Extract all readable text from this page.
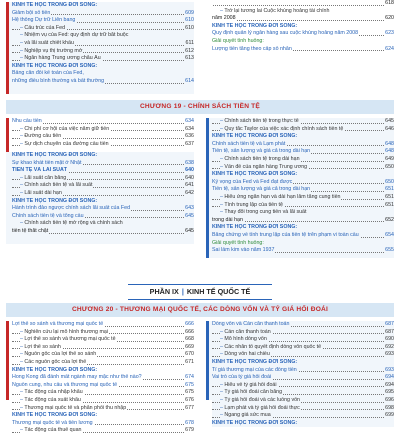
KINH TẾ HỌC TRONG ĐỜI SỐNG:
Giảm bội số tiền	609
Hệ thống Dự trữ Liên bang	610
– Cấu trúc của Fed	610
– Nhiệm vụ của Fed: quy định dự trữ bắt buộc
– và lãi suất chiết khấu	611
– Nghiệp vụ thị trường mở	612
– Ngân hàng Trung ương châu Âu	613
KINH TẾ HỌC TRONG ĐỜI SỐNG:
Bảng cân đối kế toán của Fed,
những điều bình thường và bất thường	614
618
– Trở lại tương lai Cuộc khủng hoảng tài chính
năm 2008	620
KINH TẾ HỌC TRONG ĐỜI SỐNG:
Quy định quản lý ngân hàng sau cuộc khủng hoảng năm 2008	623
Giải quyết tình huống:
Lượng tiền tăng theo cấp số nhân	624
CHƯƠNG 19 - CHÍNH SÁCH TIỀN TỆ
Nhu cầu tiền	634
– Chi phí cơ hội của việc nắm giữ tiền	634
– Đường cầu tiền	636
– Sự dịch chuyển của đường cầu tiền	637
KINH TẾ HỌC TRONG ĐỜI SỐNG:
Sự khao khát tiền mặt ở Nhật	638
TIỀN TỆ VÀ LÃI SUẤT	640
– Lãi suất cân bằng	640
– Chính sách tiền tệ và lãi suất	641
– Lãi suất dài hạn	642
KINH TẾ HỌC TRONG ĐỜI SỐNG:
Hành trình đảo ngược chính sách lãi suất của Fed	643
Chính sách tiền tệ và tổng cầu	645
– Chính sách tiền tệ mở rộng và chính sách
tiền tệ thắt chặt	645
– Chính sách tiền tệ trong thực tế	645
– Quy tắc Taylor của việc xác định chính sách tiền tệ	646
KINH TẾ HỌC TRONG ĐỜI SỐNG:
Chính sách tiền tệ và Lạm phát	648
Tiền tệ, sản lượng và giá cả trong dài hạn	648
– Chính sách tiền tệ trong dài hạn	649
– Vấn đề của ngân hàng Trung ương	650
KINH TẾ HỌC TRONG ĐỜI SỐNG:
Ký vọng của Fed và Fed đạt được	650
Tiền tệ, sản lượng và giá cả trong dài hạn	651
– Hiểu ứng ngắn hạn và dài hạn lâm tăng cung tiền	651
– Tính trung lập của tiền tệ	651
– Thay đổi trong cung tiền và lãi suất
trong dài hạn	652
KINH TẾ HỌC TRONG ĐỜI SỐNG:
Bằng chứng về tính trung lập của tiền tệ trên phạm vi toàn cầu	654
Giải quyết tình huống:
Sai lầm kim vào năm 1937	655
PHẦN IX | KINH TẾ QUỐC TẾ
CHƯƠNG 20 - THƯƠNG MẠI QUỐC TẾ, CÁC DÒNG VỐN VÀ TỶ GIÁ HỐI ĐOÁI
Lợi thế so sánh và thương mại quốc tế	666
– Nghiên cứu lại mô hình thương mại	666
– Lợi thế so sánh và thương mại quốc tế	668
– Lợi thế so sánh	669
– Nguồn gốc của lợi thế so sánh	670
– Các nguồn gốc của lợi thế	671
KINH TẾ HỌC TRONG ĐỜI SỐNG:
Hong Kong đã đánh mất ngành may mặc như thế nào?	674
Nguồn cung, nhu cầu và thương mại quốc tế	675
– Tác động của nhập khẩu	675
– Tác động của xuất khẩu	676
– Thương mại quốc tế và phân phối thu nhập	677
KINH TẾ HỌC TRONG ĐỜI SỐNG:
Thương mại quốc tế và tiền lương	678
– Tác động của thuế quan	679
Dòng vốn và Cán cân thanh toán	687
– Cán cân thanh toán	687
– Mô hình dòng vốn	690
– Các nhân tố quyết định dòng vốn quốc tế	692
– Dòng vốn hai chiều	693
KINH TẾ HỌC TRONG ĐỜI SỐNG:
Tỉ giá thương mại của các đồng tiền	693
Vai trò của tỷ giá hối đoái	694
– Hiểu về tỷ giá hối đoái	694
– Tỷ giá hối đoái cân bằng	695
– Tỷ giá hối đoái và các luồng vốn	696
– Lạm phát và tỷ giá hối đoái thực	698
– Ngang giá sức mua	699
KINH TẾ HỌC TRONG ĐỜI SỐNG:
